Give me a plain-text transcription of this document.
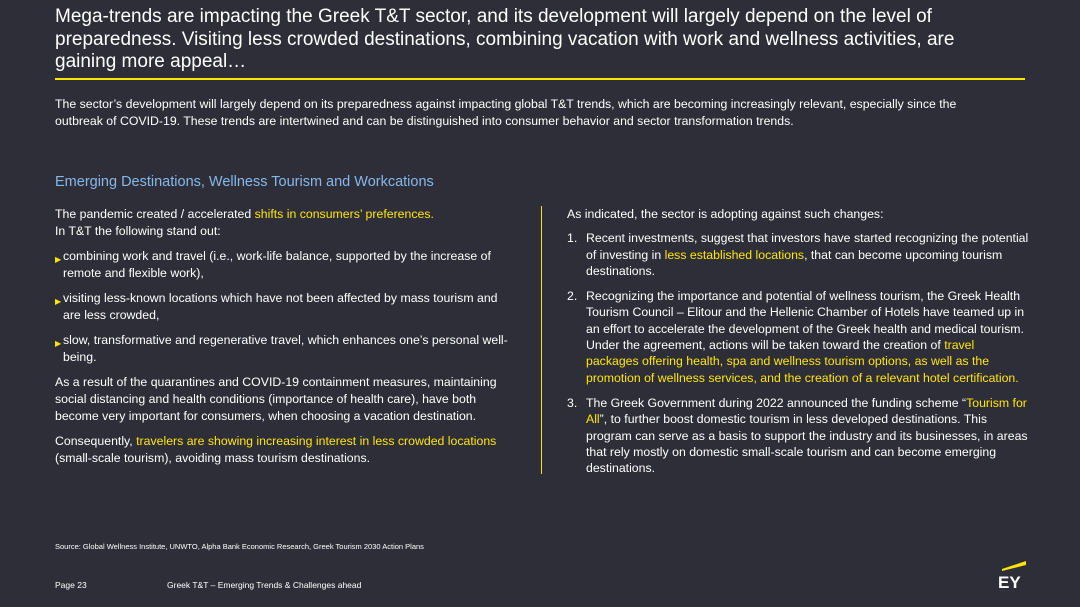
Mega-trends are impacting the Greek T&T sector, and its development will largely depend on the level of preparedness. Visiting less crowded destinations, combining vacation with work and wellness activities, are gaining more appeal…
The sector’s development will largely depend on its preparedness against impacting global T&T trends, which are becoming increasingly relevant, especially since the outbreak of COVID-19. These trends are intertwined and can be distinguished into consumer behavior and sector transformation trends.
Emerging Destinations, Wellness Tourism and Workcations

The pandemic created / accelerated shifts in consumers’ preferences.
In T&T the following stand out:

▶ combining work and travel (i.e., work-life balance, supported by the increase of remote and flexible work),
▶ visiting less-known locations which have not been affected by mass tourism and are less crowded,
▶ slow, transformative and regenerative travel, which enhances one’s personal well-being.

As a result of the quarantines and COVID-19 containment measures, maintaining social distancing and health conditions (importance of health care), have both become very important for consumers, when choosing a vacation destination.

Consequently, travelers are showing increasing interest in less crowded locations (small-scale tourism), avoiding mass tourism destinations.

As indicated, the sector is adopting against such changes:

1. Recent investments, suggest that investors have started recognizing the potential of investing in less established locations, that can become upcoming tourism destinations.
2. Recognizing the importance and potential of wellness tourism, the Greek Health Tourism Council – Elitour and the Hellenic Chamber of Hotels have teamed up in an effort to accelerate the development of the Greek health and medical tourism. Under the agreement, actions will be taken toward the creation of travel packages offering health, spa and wellness tourism options, as well as the promotion of wellness services, and the creation of a relevant hotel certification.
3. The Greek Government during 2022 announced the funding scheme “Tourism for All”, to further boost domestic tourism in less developed destinations. This program can serve as a basis to support the industry and its businesses, in areas that rely mostly on domestic small-scale tourism and can become emerging destinations.
Source: Global Wellness Institute, UNWTO, Alpha Bank Economic Research, Greek Tourism 2030 Action Plans
Page 23	Greek T&T – Emerging Trends & Challenges ahead	EY
